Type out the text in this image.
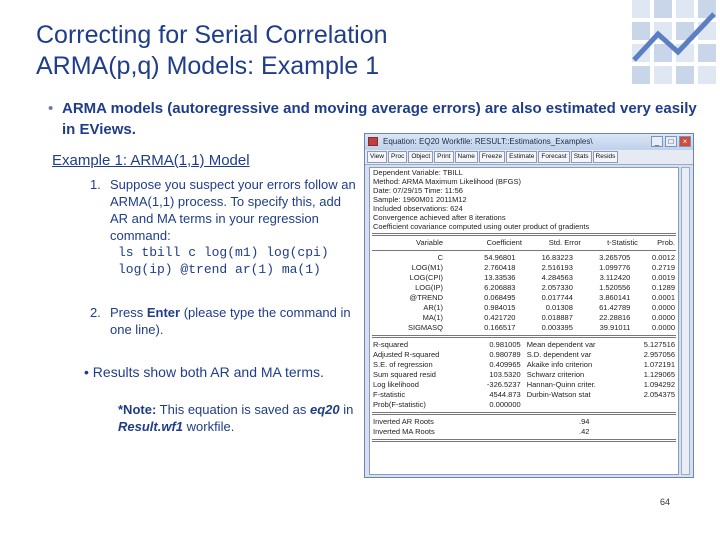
Correcting for Serial Correlation
ARMA(p,q) Models: Example 1
• ARMA models (autoregressive and moving average errors) are also estimated very easily in EViews.
Example 1: ARMA(1,1) Model
1. Suppose you suspect your errors follow an ARMA(1,1) process. To specify this, add AR and MA terms in your regression command:
ls tbill c log(m1) log(cpi)
log(ip) @trend ar(1) ma(1)
2. Press Enter (please type the command in one line).
• Results show both AR and MA terms.
*Note: This equation is saved as eq20 in
Result.wf1 workfile.
Equation: EQ20 Workfile: RESULT::Estimations_Examples\	_	□	×
View	Proc	Object	Print	Name	Freeze	Estimate	Forecast	Stats	Resids
Dependent Variable: TBILL
Method: ARMA Maximum Likelihood (BFGS)
Date: 07/29/15 Time: 11:56
Sample: 1960M01 2011M12
Included observations: 624
Convergence achieved after 8 iterations
Coefficient covariance computed using outer product of gradients
Variable	Coefficient	Std. Error	t-Statistic	Prob.
C	54.96801	16.83223	3.265705	0.0012
LOG(M1)	2.760418	2.516193	1.099776	0.2719
LOG(CPI)	13.33536	4.284563	3.112420	0.0019
LOG(IP)	6.206883	2.057330	1.520556	0.1289
@TREND	0.068495	0.017744	3.860141	0.0001
AR(1)	0.984015	0.01308	61.42789	0.0000
MA(1)	0.421720	0.018887	22.28816	0.0000
SIGMASQ	0.166517	0.003395	39.91011	0.0000
R-squared	0.981005	Mean dependent var	5.127516
Adjusted R-squared	0.980789	S.D. dependent var	2.957056
S.E. of regression	0.409965	Akaike info criterion	1.072191
Sum squared resid	103.5320	Schwarz criterion	1.129065
Log likelihood	-326.5237	Hannan-Quinn criter.	1.094292
F-statistic	4544.873	Durbin-Watson stat	2.054375
Prob(F-statistic)	0.000000		
Inverted AR Roots	.94
Inverted MA Roots	.42
64
